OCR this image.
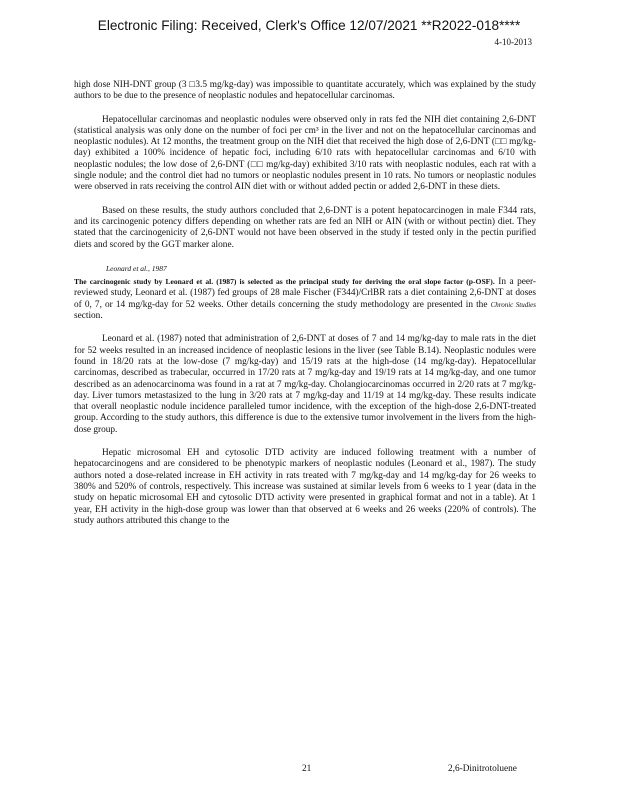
Electronic Filing: Received, Clerk's Office 12/07/2021 **R2022-018****
4-10-2013

high dose NIH-DNT group (3 □3.5 mg/kg-day) was impossible to quantitate accurately, which was explained by the study authors to be due to the presence of neoplastic nodules and hepatocellular carcinomas.

Hepatocellular carcinomas and neoplastic nodules were observed only in rats fed the NIH diet containing 2,6-DNT (statistical analysis was only done on the number of foci per cm³ in the liver and not on the hepatocellular carcinomas and neoplastic nodules). At 12 months, the treatment group on the NIH diet that received the high dose of 2,6-DNT (□□ mg/kg-day) exhibited a 100% incidence of hepatic foci, including 6/10 rats with hepatocellular carcinomas and 6/10 with neoplastic nodules; the low dose of 2,6-DNT (□□ mg/kg-day) exhibited 3/10 rats with neoplastic nodules, each rat with a single nodule; and the control diet had no tumors or neoplastic nodules present in 10 rats. No tumors or neoplastic nodules were observed in rats receiving the control AIN diet with or without added pectin or added 2,6-DNT in these diets.

Based on these results, the study authors concluded that 2,6-DNT is a potent hepatocarcinogen in male F344 rats, and its carcinogenic potency differs depending on whether rats are fed an NIH or AIN (with or without pectin) diet. They stated that the carcinogenicity of 2,6-DNT would not have been observed in the study if tested only in the pectin purified diets and scored by the GGT marker alone.

Leonard et al., 1987

The carcinogenic study by Leonard et al. (1987) is selected as the principal study for deriving the oral slope factor (p-OSF). In a peer-reviewed study, Leonard et al. (1987) fed groups of 28 male Fischer (F344)/CrlBR rats a diet containing 2,6-DNT at doses of 0, 7, or 14 mg/kg-day for 52 weeks. Other details concerning the study methodology are presented in the Chronic Studies section.

Leonard et al. (1987) noted that administration of 2,6-DNT at doses of 7 and 14 mg/kg-day to male rats in the diet for 52 weeks resulted in an increased incidence of neoplastic lesions in the liver (see Table B.14). Neoplastic nodules were found in 18/20 rats at the low-dose (7 mg/kg-day) and 15/19 rats at the high-dose (14 mg/kg-day). Hepatocellular carcinomas, described as trabecular, occurred in 17/20 rats at 7 mg/kg-day and 19/19 rats at 14 mg/kg-day, and one tumor described as an adenocarcinoma was found in a rat at 7 mg/kg-day. Cholangiocarcinomas occurred in 2/20 rats at 7 mg/kg-day. Liver tumors metastasized to the lung in 3/20 rats at 7 mg/kg-day and 11/19 at 14 mg/kg-day. These results indicate that overall neoplastic nodule incidence paralleled tumor incidence, with the exception of the high-dose 2,6-DNT-treated group. According to the study authors, this difference is due to the extensive tumor involvement in the livers from the high-dose group.

Hepatic microsomal EH and cytosolic DTD activity are induced following treatment with a number of hepatocarcinogens and are considered to be phenotypic markers of neoplastic nodules (Leonard et al., 1987). The study authors noted a dose-related increase in EH activity in rats treated with 7 mg/kg-day and 14 mg/kg-day for 26 weeks to 380% and 520% of controls, respectively. This increase was sustained at similar levels from 6 weeks to 1 year (data in the study on hepatic microsomal EH and cytosolic DTD activity were presented in graphical format and not in a table). At 1 year, EH activity in the high-dose group was lower than that observed at 6 weeks and 26 weeks (220% of controls). The study authors attributed this change to the

21	2,6-Dinitrotoluene
